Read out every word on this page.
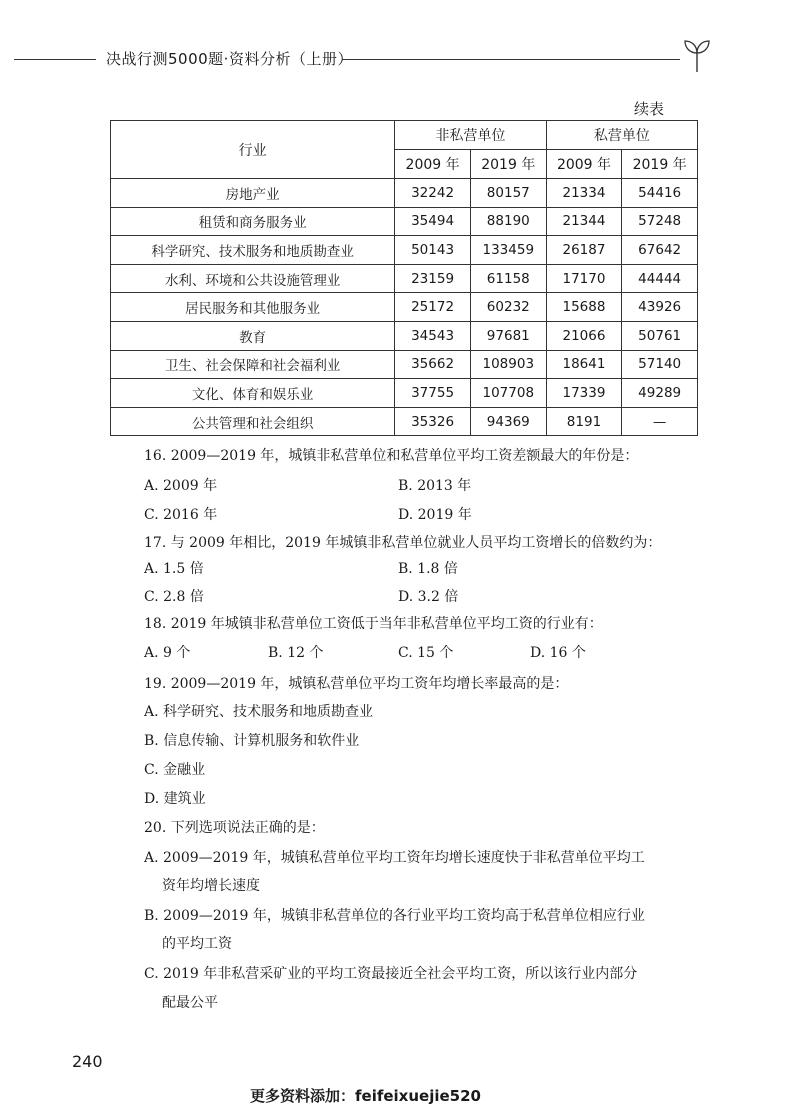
决战行测5000题·资料分析（上册）
续表
行业	非私营单位		私营单位	
	2009 年	2019 年	2009 年	2019 年
房地产业	32242	80157	21334	54416
租赁和商务服务业	35494	88190	21344	57248
科学研究、技术服务和地质勘查业	50143	133459	26187	67642
水利、环境和公共设施管理业	23159	61158	17170	44444
居民服务和其他服务业	25172	60232	15688	43926
教育	34543	97681	21066	50761
卫生、社会保障和社会福利业	35662	108903	18641	57140
文化、体育和娱乐业	37755	107708	17339	49289
公共管理和社会组织	35326	94369	8191	—
16. 2009—2019 年，城镇非私营单位和私营单位平均工资差额最大的年份是：
A. 2009 年	B. 2013 年
C. 2016 年	D. 2019 年
17. 与 2009 年相比，2019 年城镇非私营单位就业人员平均工资增长的倍数约为：
A. 1.5 倍	B. 1.8 倍
C. 2.8 倍	D. 3.2 倍
18. 2019 年城镇非私营单位工资低于当年非私营单位平均工资的行业有：
A. 9 个	B. 12 个	C. 15 个	D. 16 个
19. 2009—2019 年，城镇私营单位平均工资年均增长率最高的是：
A. 科学研究、技术服务和地质勘查业
B. 信息传输、计算机服务和软件业
C. 金融业
D. 建筑业
20. 下列选项说法正确的是：
A. 2009—2019 年，城镇私营单位平均工资年均增长速度快于非私营单位平均工
资年均增长速度
B. 2009—2019 年，城镇非私营单位的各行业平均工资均高于私营单位相应行业
的平均工资
C. 2019 年非私营采矿业的平均工资最接近全社会平均工资，所以该行业内部分
配最公平
240
更多资料添加：feifeixuejie520
